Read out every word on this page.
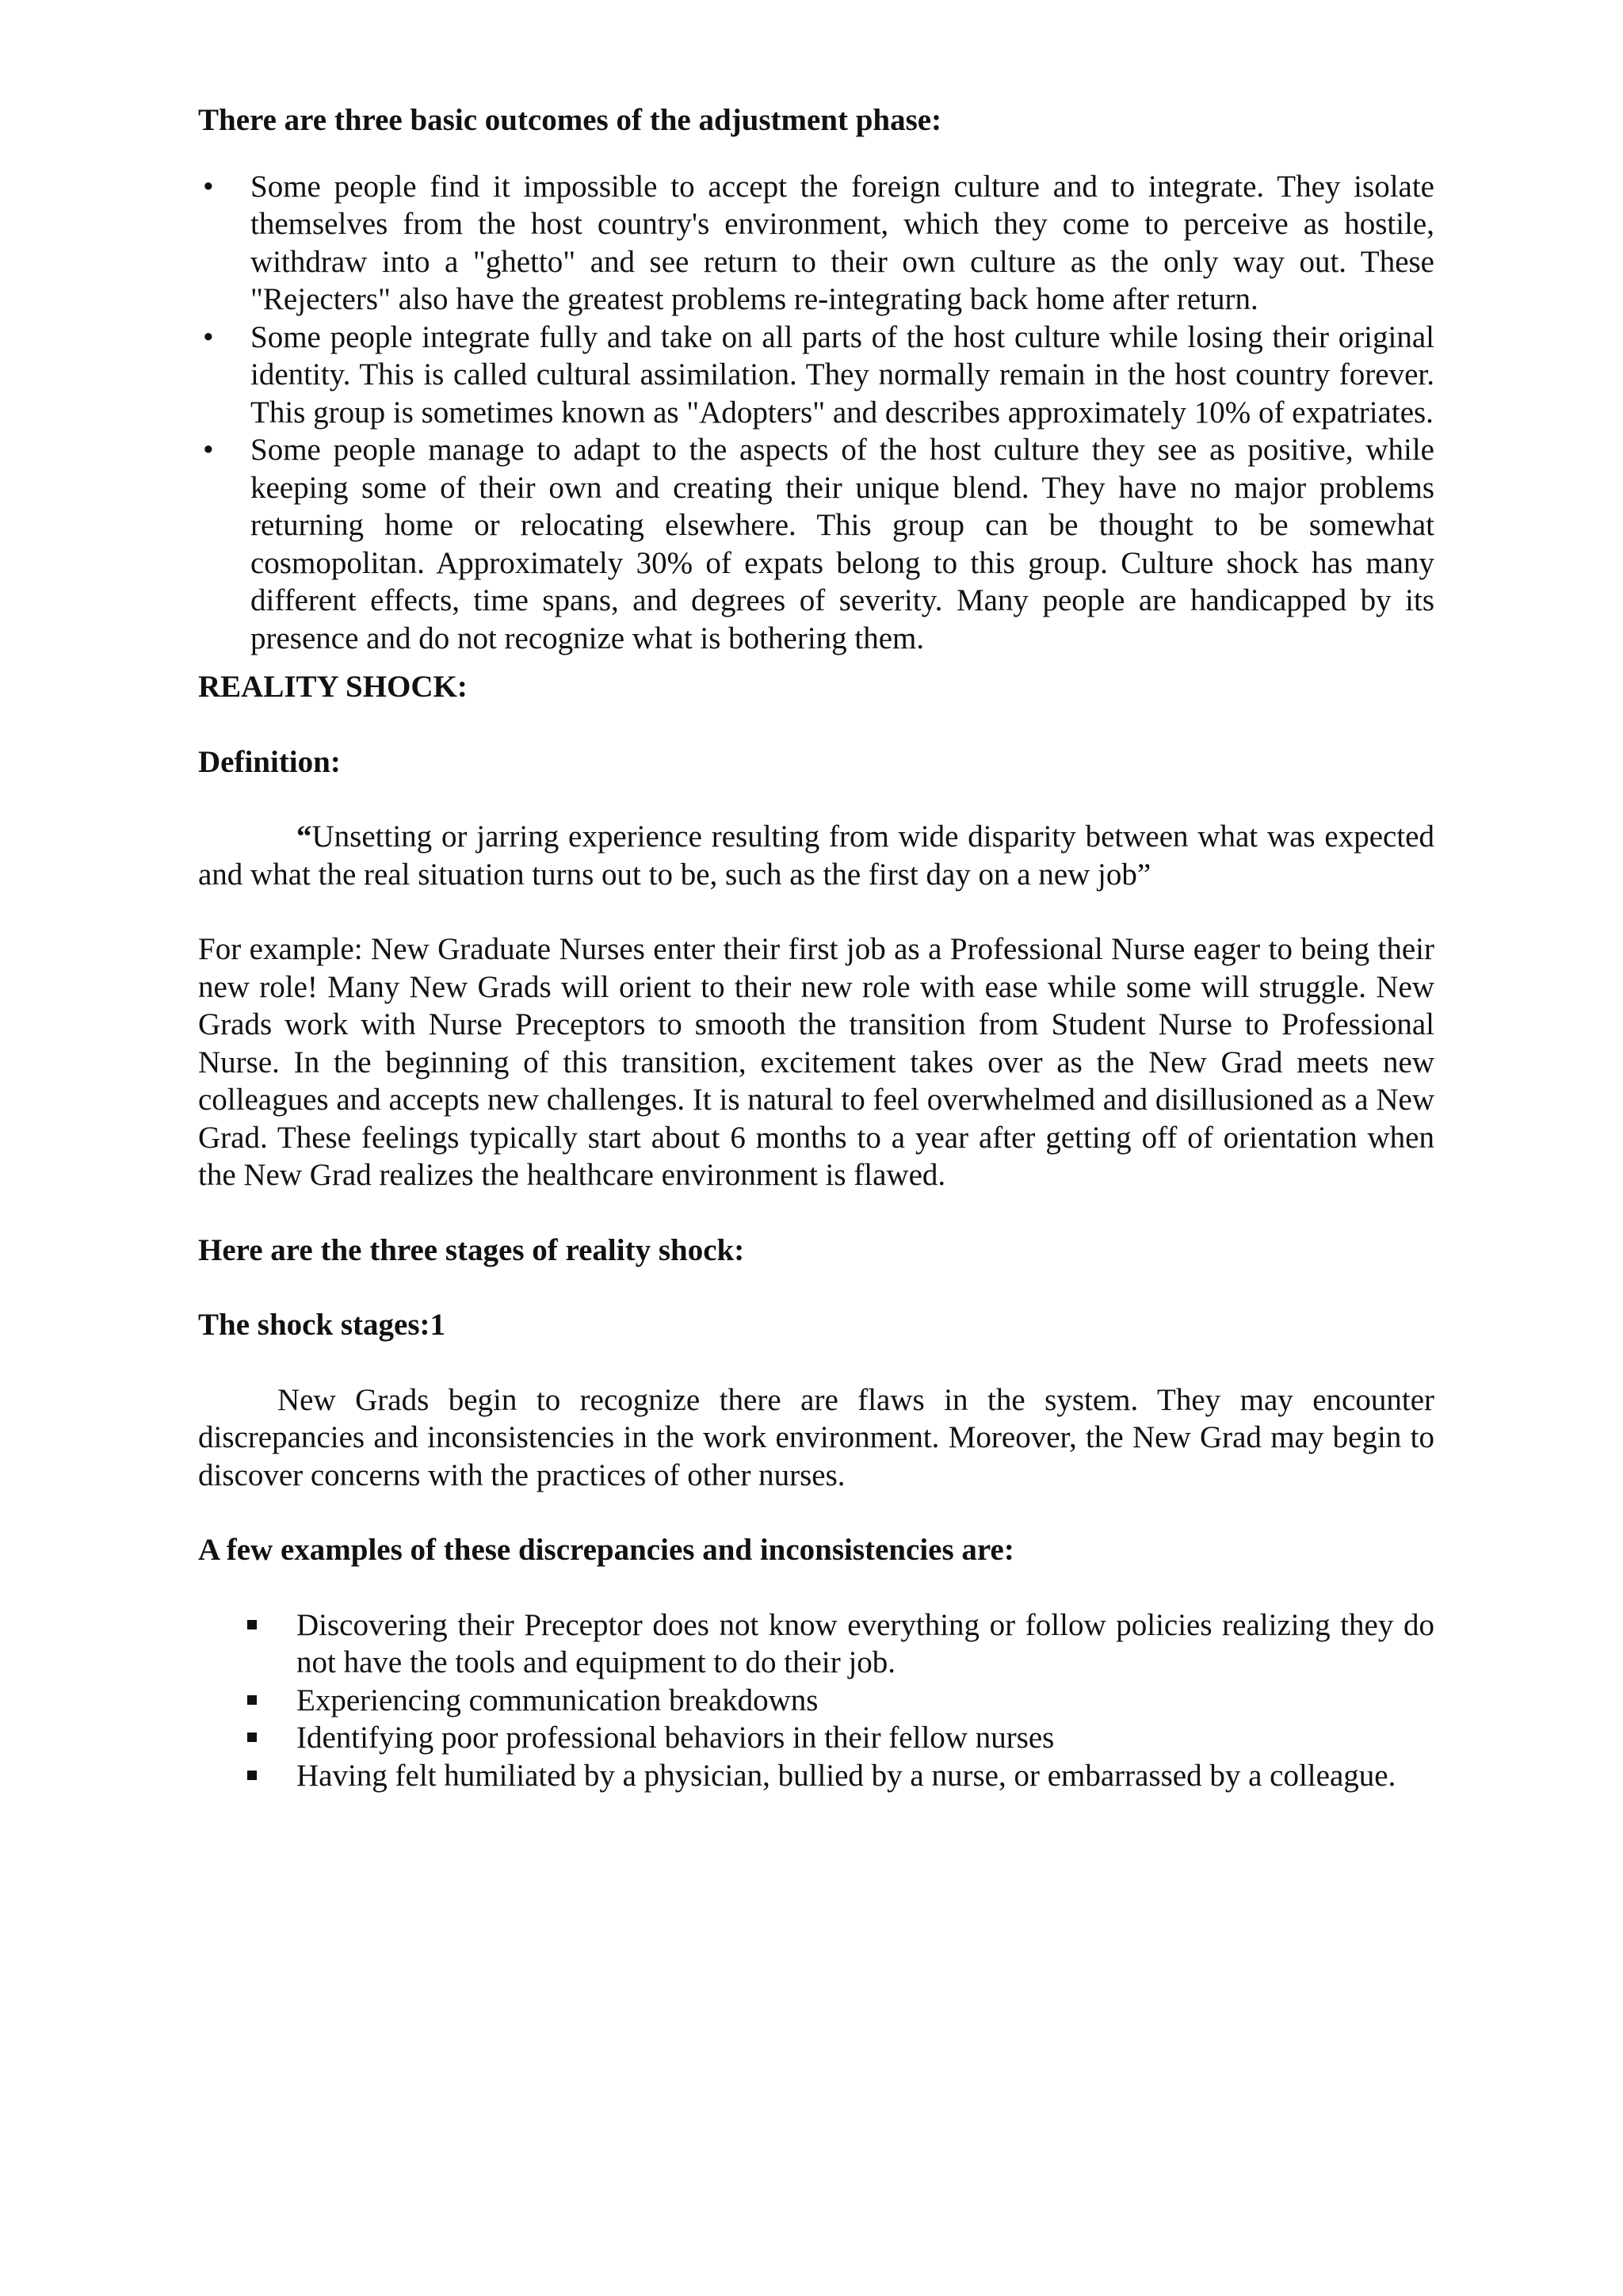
There are three basic outcomes of the adjustment phase:

• Some people find it impossible to accept the foreign culture and to integrate. They isolate themselves from the host country's environment, which they come to perceive as hostile, withdraw into a "ghetto" and see return to their own culture as the only way out. These "Rejecters" also have the greatest problems re-integrating back home after return.
• Some people integrate fully and take on all parts of the host culture while losing their original identity. This is called cultural assimilation. They normally remain in the host country forever. This group is sometimes known as "Adopters" and describes approximately 10% of expatriates.
• Some people manage to adapt to the aspects of the host culture they see as positive, while keeping some of their own and creating their unique blend. They have no major problems returning home or relocating elsewhere. This group can be thought to be somewhat cosmopolitan. Approximately 30% of expats belong to this group. Culture shock has many different effects, time spans, and degrees of severity. Many people are handicapped by its presence and do not recognize what is bothering them.

REALITY SHOCK:

Definition:

“Unsetting or jarring experience resulting from wide disparity between what was expected and what the real situation turns out to be, such as the first day on a new job”

For example: New Graduate Nurses enter their first job as a Professional Nurse eager to being their new role! Many New Grads will orient to their new role with ease while some will struggle. New Grads work with Nurse Preceptors to smooth the transition from Student Nurse to Professional Nurse. In the beginning of this transition, excitement takes over as the New Grad meets new colleagues and accepts new challenges. It is natural to feel overwhelmed and disillusioned as a New Grad. These feelings typically start about 6 months to a year after getting off of orientation when the New Grad realizes the healthcare environment is flawed.

Here are the three stages of reality shock:

The shock stages:1

New Grads begin to recognize there are flaws in the system. They may encounter discrepancies and inconsistencies in the work environment. Moreover, the New Grad may begin to discover concerns with the practices of other nurses.

A few examples of these discrepancies and inconsistencies are:

Discovering their Preceptor does not know everything or follow policies realizing they do not have the tools and equipment to do their job.
Experiencing communication breakdowns
Identifying poor professional behaviors in their fellow nurses
Having felt humiliated by a physician, bullied by a nurse, or embarrassed by a colleague.
